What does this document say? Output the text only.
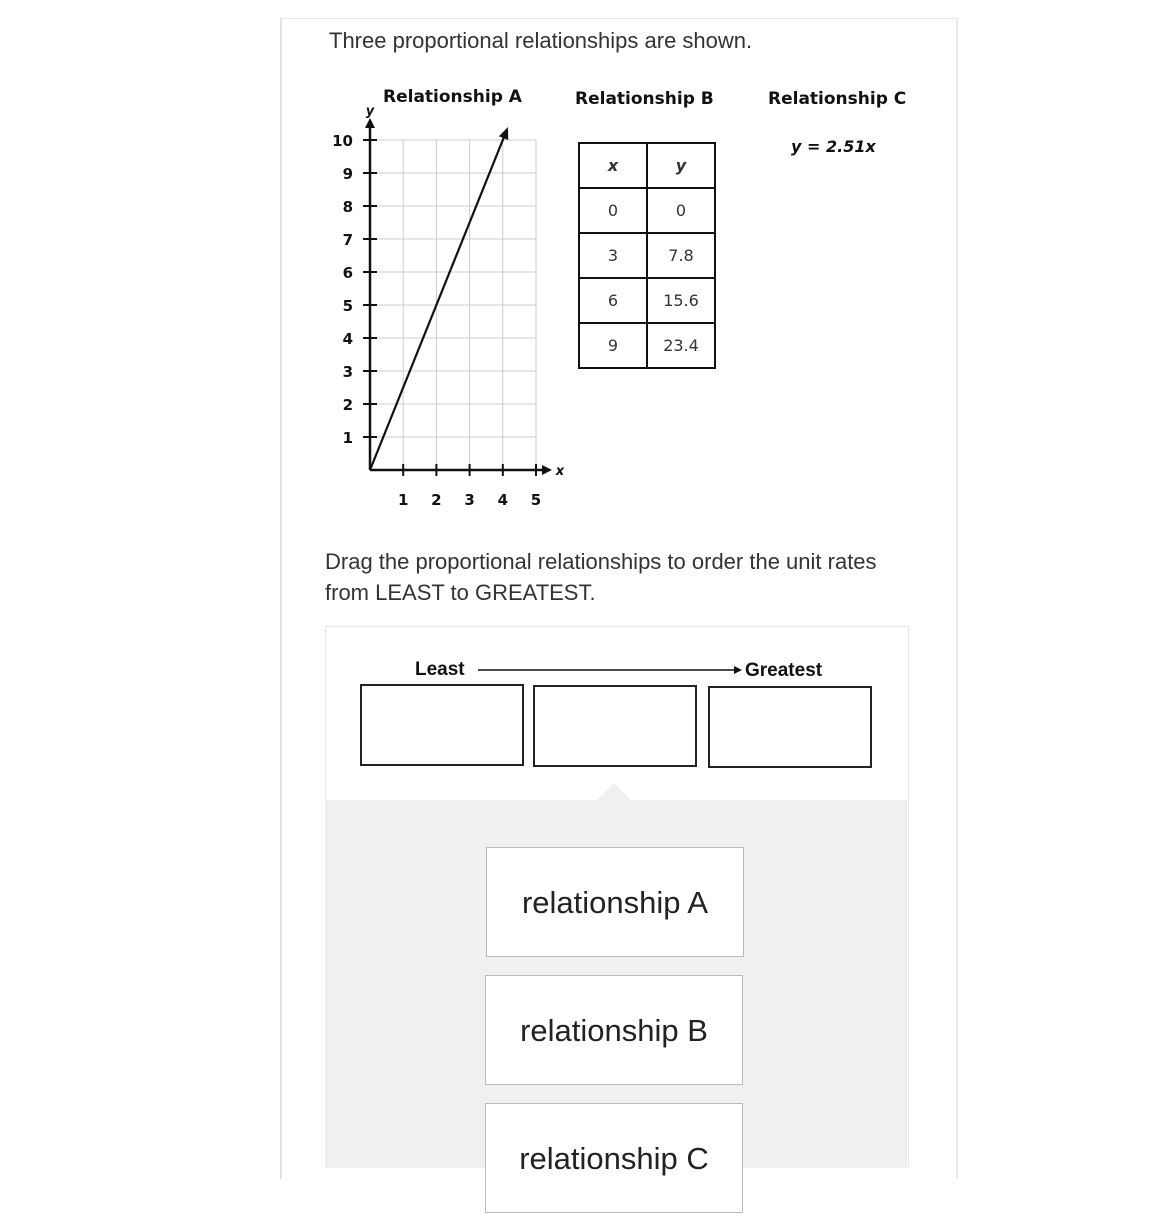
Three proportional relationships are shown.
Relationship A	Relationship B	Relationship C
1 2 3 4 5
1
2
3
4
5
6
7
8
9
10
y
x
x	y
0	0
3	7.8
6	15.6
9	23.4
y = 2.51x
Drag the proportional relationships to order the unit rates from LEAST to GREATEST.
Least	Greatest
relationship A
relationship B
relationship C
